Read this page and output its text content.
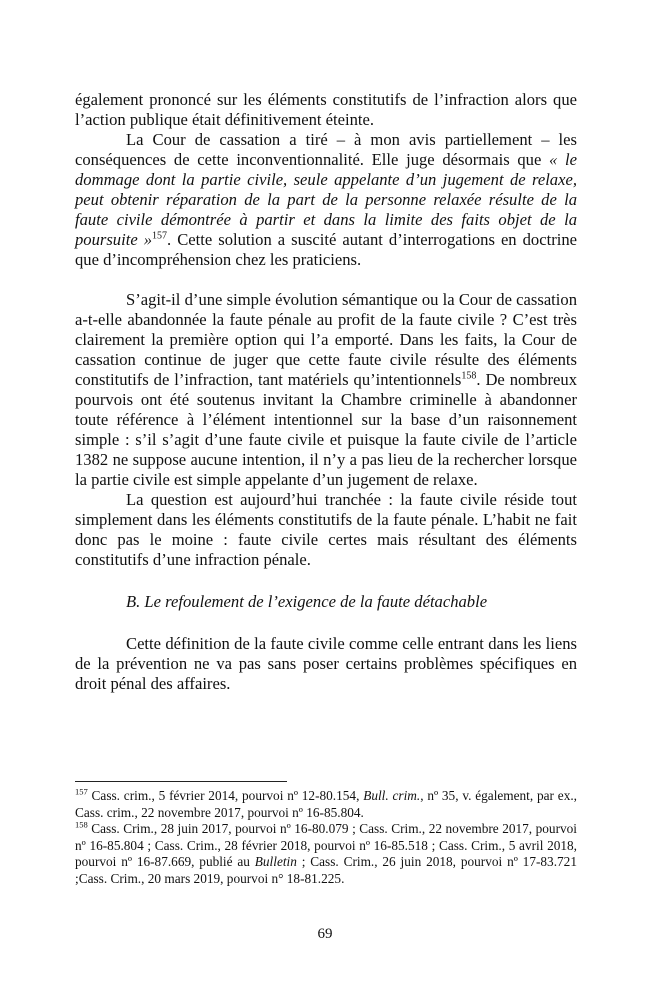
également prononcé sur les éléments constitutifs de l’infraction alors que l’action publique était définitivement éteinte.

La Cour de cassation a tiré – à mon avis partiellement – les conséquences de cette inconventionnalité. Elle juge désormais que « le dommage dont la partie civile, seule appelante d’un jugement de relaxe, peut obtenir réparation de la part de la personne relaxée résulte de la faute civile démontrée à partir et dans la limite des faits objet de la poursuite »$^{157}$. Cette solution a suscité autant d’interrogations en doctrine que d’incompréhension chez les praticiens.

S’agit-il d’une simple évolution sémantique ou la Cour de cassation a-t-elle abandonnée la faute pénale au profit de la faute civile ? C’est très clairement la première option qui l’a emporté. Dans les faits, la Cour de cassation continue de juger que cette faute civile résulte des éléments constitutifs de l’infraction, tant matériels qu’intentionnels$^{158}$. De nombreux pourvois ont été soutenus invitant la Chambre criminelle à abandonner toute référence à l’élément intentionnel sur la base d’un raisonnement simple : s’il s’agit d’une faute civile et puisque la faute civile de l’article 1382 ne suppose aucune intention, il n’y a pas lieu de la rechercher lorsque la partie civile est simple appelante d’un jugement de relaxe.

La question est aujourd’hui tranchée : la faute civile réside tout simplement dans les éléments constitutifs de la faute pénale. L’habit ne fait donc pas le moine : faute civile certes mais résultant des éléments constitutifs d’une infraction pénale.

B. Le refoulement de l’exigence de la faute détachable

Cette définition de la faute civile comme celle entrant dans les liens de la prévention ne va pas sans poser certains problèmes spécifiques en droit pénal des affaires.

$^{157}$ Cass. crim., 5 février 2014, pourvoi nº 12-80.154, Bull. crim., nº 35, v. également, par ex., Cass. crim., 22 novembre 2017, pourvoi nº 16-85.804.

$^{158}$ Cass. Crim., 28 juin 2017, pourvoi nº 16-80.079 ; Cass. Crim., 22 novembre 2017, pourvoi nº 16-85.804 ; Cass. Crim., 28 février 2018, pourvoi nº 16-85.518 ; Cass. Crim., 5 avril 2018, pourvoi nº 16-87.669, publié au Bulletin ; Cass. Crim., 26 juin 2018, pourvoi nº 17-83.721 ;Cass. Crim., 20 mars 2019, pourvoi n° 18-81.225.

69
